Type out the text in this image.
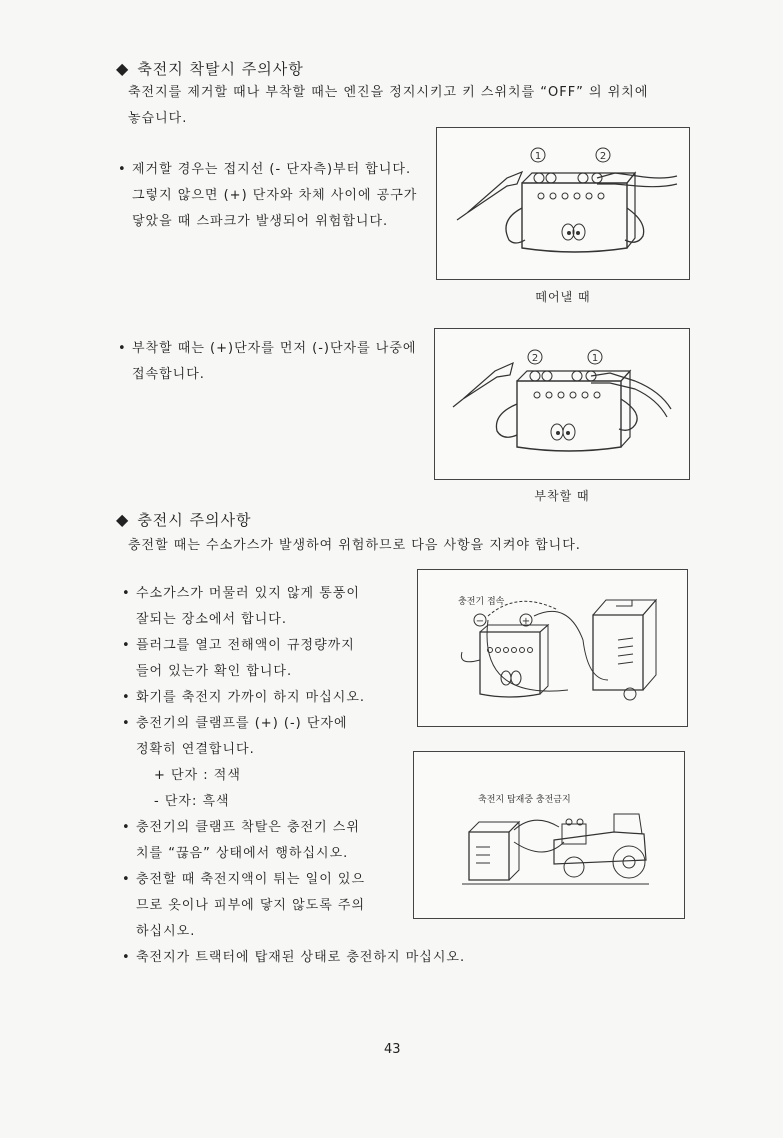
◆ 축전지 착탈시 주의사항
축전지를 제거할 때나 부착할 때는 엔진을 정지시키고 키 스위치를 “OFF” 의 위치에
놓습니다.
• 제거할 경우는 접지선 (- 단자측)부터 합니다.
그렇지 않으면 (+) 단자와 차체 사이에 공구가
닿았을 때 스파크가 발생되어 위험합니다.
1	2
떼어낼 때
• 부착할 때는 (+)단자를 먼저 (-)단자를 나중에
접속합니다.
2	1
부착할 때
◆ 충전시 주의사항
충전할 때는 수소가스가 발생하여 위험하므로 다음 사항을 지켜야 합니다.
• 수소가스가 머물러 있지 않게 통풍이
잘되는 장소에서 합니다.
• 플러그를 열고 전해액이 규정량까지
들어 있는가 확인 합니다.
• 화기를 축전지 가까이 하지 마십시오.
• 충전기의 클램프를 (+) (-) 단자에
정확히 연결합니다.
+ 단자 : 적색
- 단자: 흑색
• 충전기의 클램프 착탈은 충전기 스위
치를 “끊음” 상태에서 행하십시오.
• 충전할 때 축전지액이 튀는 일이 있으
므로 옷이나 피부에 닿지 않도록 주의
하십시오.
• 축전지가 트랙터에 탑재된 상태로 충전하지 마십시오.
충전기 접속
−	+
축전지 탑재중 충전금지
43
